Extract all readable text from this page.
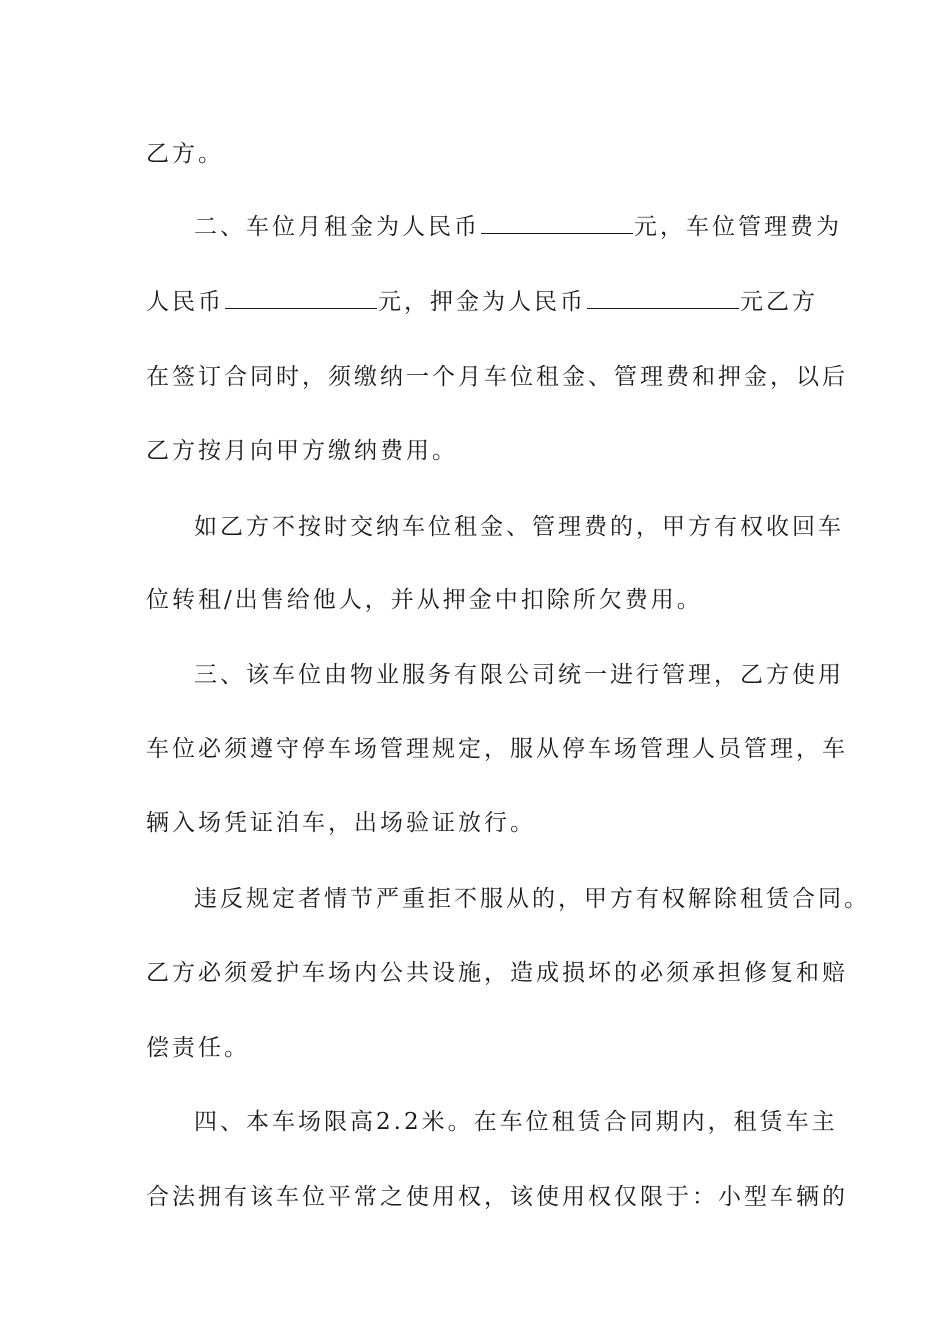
乙方。

二、车位月租金为人民币	元，车位管理费为

人民币	元，押金为人民币	元乙方

在签订合同时，须缴纳一个月车位租金、管理费和押金，以后

乙方按月向甲方缴纳费用。

如乙方不按时交纳车位租金、管理费的，甲方有权收回车

位转租/出售给他人，并从押金中扣除所欠费用。

三、该车位由物业服务有限公司统一进行管理，乙方使用

车位必须遵守停车场管理规定，服从停车场管理人员管理，车

辆入场凭证泊车，出场验证放行。

违反规定者情节严重拒不服从的，甲方有权解除租赁合同。

乙方必须爱护车场内公共设施，造成损坏的必须承担修复和赔

偿责任。

四、本车场限高2.2米。在车位租赁合同期内，租赁车主

合法拥有该车位平常之使用权，该使用权仅限于：小型车辆的
